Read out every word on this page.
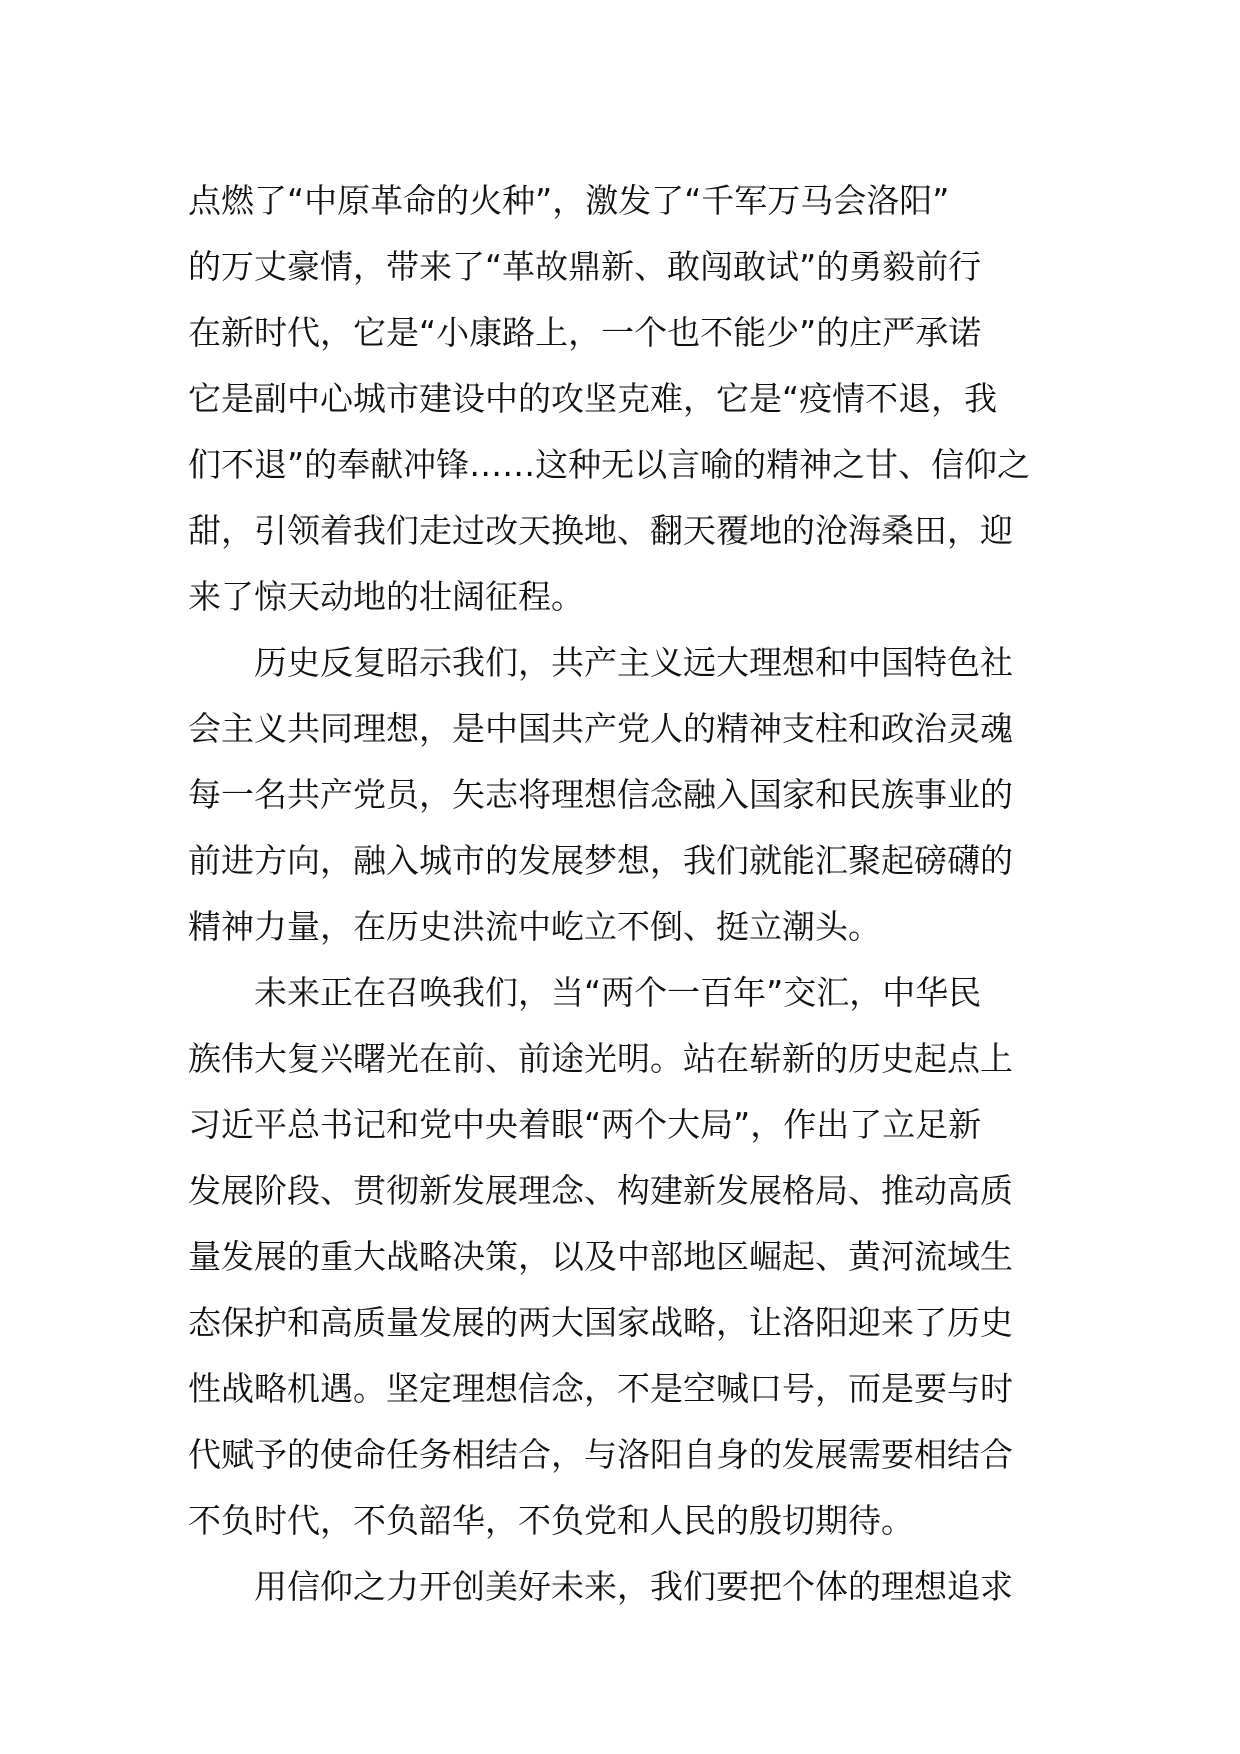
点燃了“中原革命的火种”，激发了“千军万马会洛阳”
的万丈豪情，带来了“革故鼎新、敢闯敢试”的勇毅前行
在新时代，它是“小康路上，一个也不能少”的庄严承诺
它是副中心城市建设中的攻坚克难，它是“疫情不退，我
们不退”的奉献冲锋……这种无以言喻的精神之甘、信仰之
甜，引领着我们走过改天换地、翻天覆地的沧海桑田，迎
来了惊天动地的壮阔征程。
历史反复昭示我们，共产主义远大理想和中国特色社
会主义共同理想，是中国共产党人的精神支柱和政治灵魂
每一名共产党员，矢志将理想信念融入国家和民族事业的
前进方向，融入城市的发展梦想，我们就能汇聚起磅礴的
精神力量，在历史洪流中屹立不倒、挺立潮头。
未来正在召唤我们，当“两个一百年”交汇，中华民
族伟大复兴曙光在前、前途光明。站在崭新的历史起点上
习近平总书记和党中央着眼“两个大局”，作出了立足新
发展阶段、贯彻新发展理念、构建新发展格局、推动高质
量发展的重大战略决策，以及中部地区崛起、黄河流域生
态保护和高质量发展的两大国家战略，让洛阳迎来了历史
性战略机遇。坚定理想信念，不是空喊口号，而是要与时
代赋予的使命任务相结合，与洛阳自身的发展需要相结合
不负时代，不负韶华，不负党和人民的殷切期待。
用信仰之力开创美好未来，我们要把个体的理想追求
